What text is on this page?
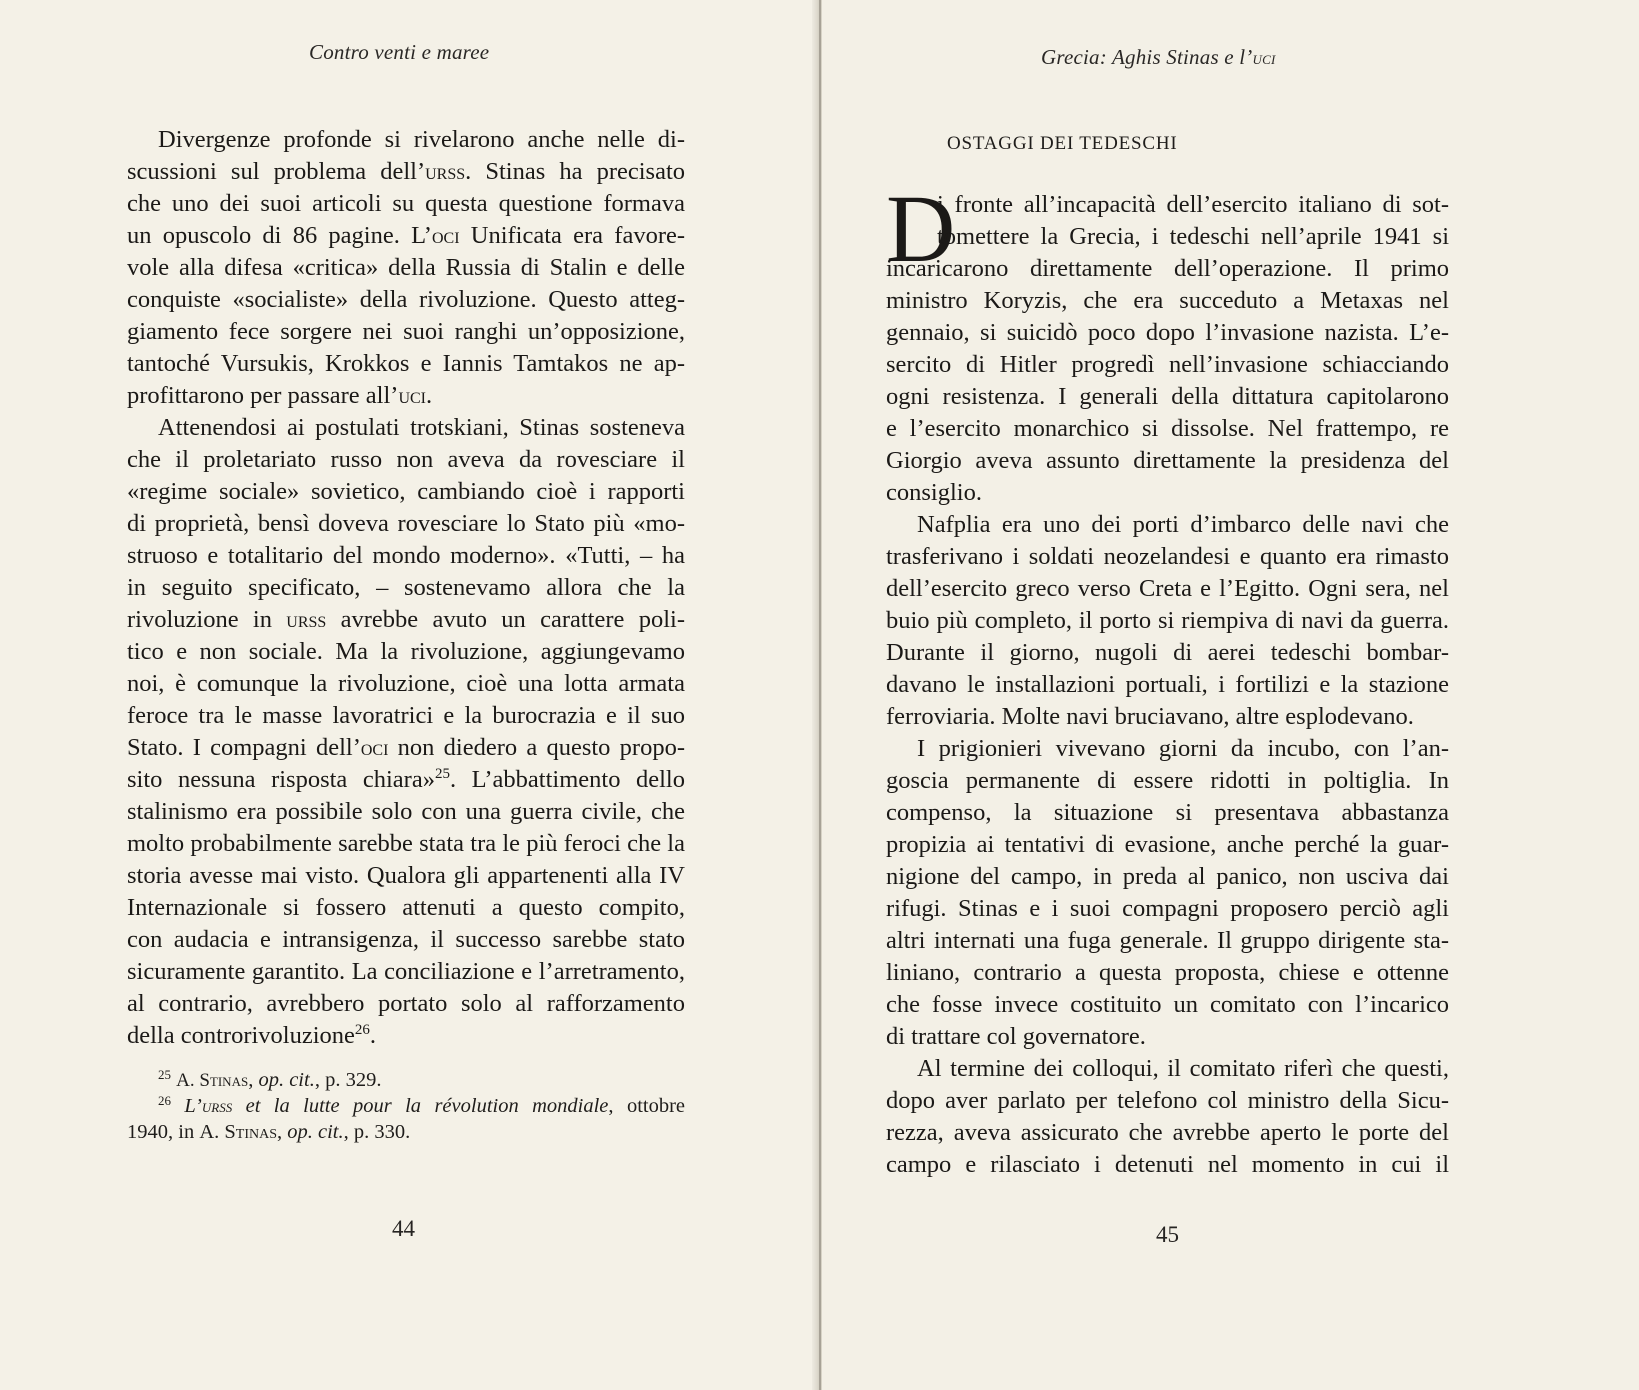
Contro venti e maree

Divergenze profonde si rivelarono anche nelle di-
scussioni sul problema dell’urss. Stinas ha precisato
che uno dei suoi articoli su questa questione formava
un opuscolo di 86 pagine. L’oci Unificata era favore-
vole alla difesa «critica» della Russia di Stalin e delle
conquiste «socialiste» della rivoluzione. Questo atteg-
giamento fece sorgere nei suoi ranghi un’opposizione,
tantoché Vursukis, Krokkos e Iannis Tamtakos ne ap-
profittarono per passare all’uci.

Attenendosi ai postulati trotskiani, Stinas sosteneva
che il proletariato russo non aveva da rovesciare il
«regime sociale» sovietico, cambiando cioè i rapporti
di proprietà, bensì doveva rovesciare lo Stato più «mo-
struoso e totalitario del mondo moderno». «Tutti, – ha
in seguito specificato, – sostenevamo allora che la
rivoluzione in urss avrebbe avuto un carattere poli-
tico e non sociale. Ma la rivoluzione, aggiungevamo
noi, è comunque la rivoluzione, cioè una lotta armata
feroce tra le masse lavoratrici e la burocrazia e il suo
Stato. I compagni dell’oci non diedero a questo propo-
sito nessuna risposta chiara»$^{25}$. L’abbattimento dello
stalinismo era possibile solo con una guerra civile, che
molto probabilmente sarebbe stata tra le più feroci che la
storia avesse mai visto. Qualora gli appartenenti alla IV
Internazionale si fossero attenuti a questo compito,
con audacia e intransigenza, il successo sarebbe stato
sicuramente garantito. La conciliazione e l’arretramento,
al contrario, avrebbero portato solo al rafforzamento
della controrivoluzione$^{26}$.

$^{25}$ A. Stinas, op. cit., p. 329.
$^{26}$ L’urss et la lutte pour la révolution mondiale, ottobre
1940, in A. Stinas, op. cit., p. 330.
44
Grecia: Aghis Stinas e l’uci
OSTAGGI DEI TEDESCHI
D

i fronte all’incapacità dell’esercito italiano di sot-
tomettere la Grecia, i tedeschi nell’aprile 1941 si
incaricarono direttamente dell’operazione. Il primo
ministro Koryzis, che era succeduto a Metaxas nel
gennaio, si suicidò poco dopo l’invasione nazista. L’e-
sercito di Hitler progredì nell’invasione schiacciando
ogni resistenza. I generali della dittatura capitolarono
e l’esercito monarchico si dissolse. Nel frattempo, re
Giorgio aveva assunto direttamente la presidenza del
consiglio.

Nafplia era uno dei porti d’imbarco delle navi che
trasferivano i soldati neozelandesi e quanto era rimasto
dell’esercito greco verso Creta e l’Egitto. Ogni sera, nel
buio più completo, il porto si riempiva di navi da guerra.
Durante il giorno, nugoli di aerei tedeschi bombar-
davano le installazioni portuali, i fortilizi e la stazione
ferroviaria. Molte navi bruciavano, altre esplodevano.

I prigionieri vivevano giorni da incubo, con l’an-
goscia permanente di essere ridotti in poltiglia. In
compenso, la situazione si presentava abbastanza
propizia ai tentativi di evasione, anche perché la guar-
nigione del campo, in preda al panico, non usciva dai
rifugi. Stinas e i suoi compagni proposero perciò agli
altri internati una fuga generale. Il gruppo dirigente sta-
liniano, contrario a questa proposta, chiese e ottenne
che fosse invece costituito un comitato con l’incarico
di trattare col governatore.

Al termine dei colloqui, il comitato riferì che questi,
dopo aver parlato per telefono col ministro della Sicu-
rezza, aveva assicurato che avrebbe aperto le porte del
campo e rilasciato i detenuti nel momento in cui il

45
